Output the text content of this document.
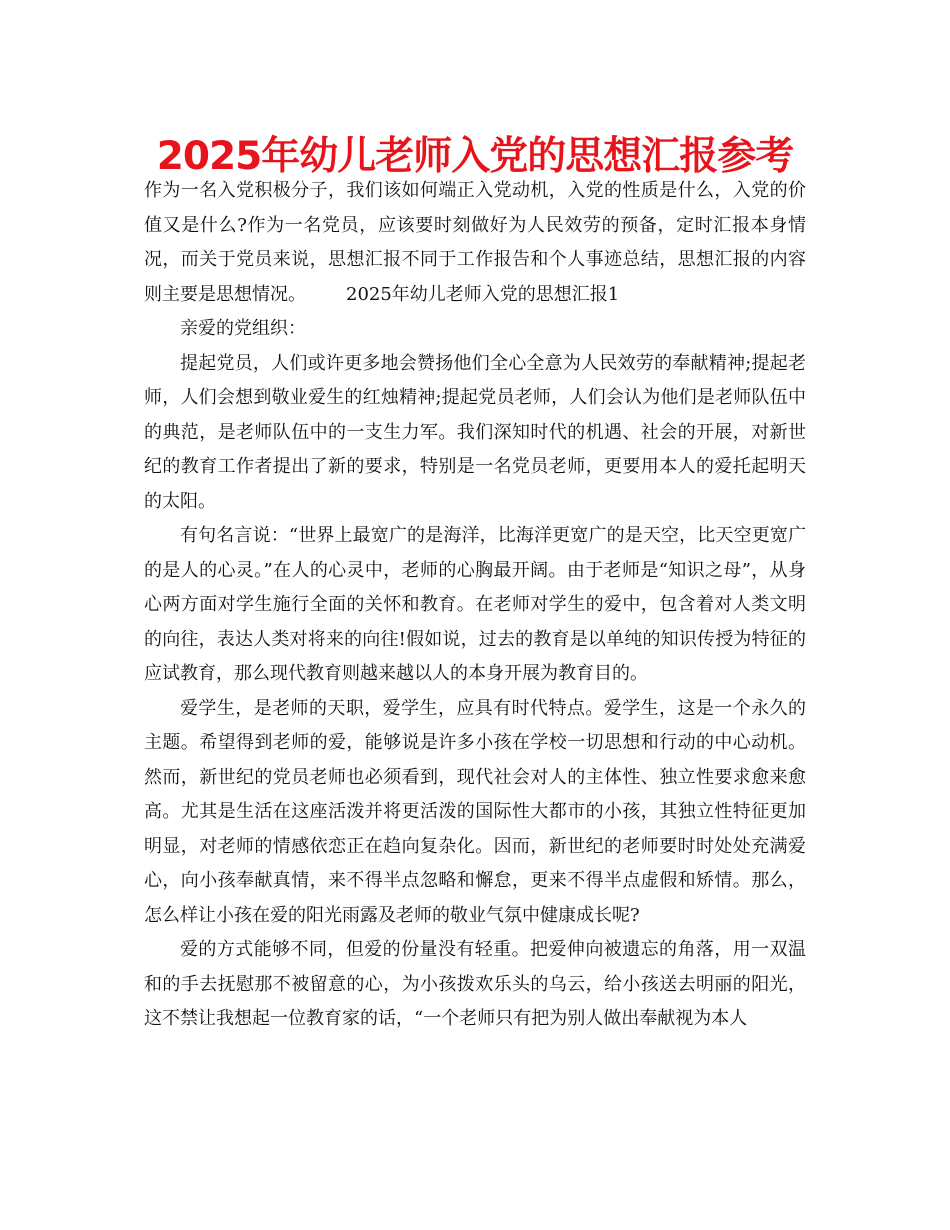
2025年幼儿老师入党的思想汇报参考

作为一名入党积极分子，我们该如何端正入党动机，入党的性质是什么，入党的价值又是什么?作为一名党员，应该要时刻做好为人民效劳的预备，定时汇报本身情况，而关于党员来说，思想汇报不同于工作报告和个人事迹总结，思想汇报的内容则主要是思想情况。 2025年幼儿老师入党的思想汇报1

亲爱的党组织：

提起党员，人们或许更多地会赞扬他们全心全意为人民效劳的奉献精神;提起老师，人们会想到敬业爱生的红烛精神;提起党员老师，人们会认为他们是老师队伍中的典范，是老师队伍中的一支生力军。我们深知时代的机遇、社会的开展，对新世纪的教育工作者提出了新的要求，特别是一名党员老师，更要用本人的爱托起明天的太阳。

有句名言说：“世界上最宽广的是海洋，比海洋更宽广的是天空，比天空更宽广的是人的心灵。”在人的心灵中，老师的心胸最开阔。由于老师是“知识之母”，从身心两方面对学生施行全面的关怀和教育。在老师对学生的爱中，包含着对人类文明的向往，表达人类对将来的向往!假如说，过去的教育是以单纯的知识传授为特征的应试教育，那么现代教育则越来越以人的本身开展为教育目的。

爱学生，是老师的天职，爱学生，应具有时代特点。爱学生，这是一个永久的主题。希望得到老师的爱，能够说是许多小孩在学校一切思想和行动的中心动机。然而，新世纪的党员老师也必须看到，现代社会对人的主体性、独立性要求愈来愈高。尤其是生活在这座活泼并将更活泼的国际性大都市的小孩，其独立性特征更加明显，对老师的情感依恋正在趋向复杂化。因而，新世纪的老师要时时处处充满爱心，向小孩奉献真情，来不得半点忽略和懈怠，更来不得半点虚假和矫情。那么，怎么样让小孩在爱的阳光雨露及老师的敬业气氛中健康成长呢?

爱的方式能够不同，但爱的份量没有轻重。把爱伸向被遗忘的角落，用一双温和的手去抚慰那不被留意的心，为小孩拨欢乐头的乌云，给小孩送去明丽的阳光，这不禁让我想起一位教育家的话，“一个老师只有把为别人做出奉献视为本人
